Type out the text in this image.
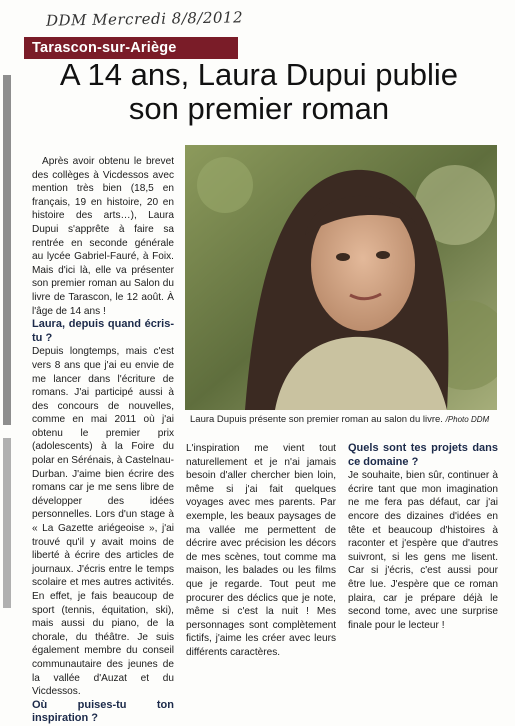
DDM Mercredi 8/8/2012
Tarascon-sur-Ariège
A 14 ans, Laura Dupui publie
son premier roman

Après avoir obtenu le brevet des collèges à Vicdessos avec mention très bien (18,5 en français, 19 en histoire, 20 en histoire des arts…), Laura Dupui s'apprête à faire sa rentrée en seconde générale au lycée Gabriel-Fauré, à Foix. Mais d'ici là, elle va présenter son premier roman au Salon du livre de Tarascon, le 12 août. À l'âge de 14 ans !

Laura, depuis quand écris-tu ?

Depuis longtemps, mais c'est vers 8 ans que j'ai eu envie de me lancer dans l'écriture de romans. J'ai participé aussi à des concours de nouvelles, comme en mai 2011 où j'ai obtenu le premier prix (adolescents) à la Foire du polar en Sérénais, à Castelnau-Durban. J'aime bien écrire des romans car je me sens libre de développer des idées personnelles. Lors d'un stage à « La Gazette ariégeoise », j'ai trouvé qu'il y avait moins de liberté à écrire des articles de journaux. J'écris entre le temps scolaire et mes autres activités. En effet, je fais beaucoup de sport (tennis, équitation, ski), mais aussi du piano, de la chorale, du théâtre. Je suis également membre du conseil communautaire des jeunes de la vallée d'Auzat et du Vicdessos.

Où puises-tu ton inspiration ?

Laura Dupuis présente son premier roman au salon du livre. /Photo DDM

L'inspiration me vient tout naturellement et je n'ai jamais besoin d'aller chercher bien loin, même si j'ai fait quelques voyages avec mes parents. Par exemple, les beaux paysages de ma vallée me permettent de décrire avec précision les décors de mes scènes, tout comme ma maison, les balades ou les films que je regarde. Tout peut me procurer des déclics que je note, même si c'est la nuit ! Mes personnages sont complètement fictifs, j'aime les créer avec leurs différents caractères.

Quels sont tes projets dans ce domaine ?

Je souhaite, bien sûr, continuer à écrire tant que mon imagination ne me fera pas défaut, car j'ai encore des dizaines d'idées en tête et beaucoup d'histoires à raconter et j'espère que d'autres suivront, si les gens me lisent. Car si j'écris, c'est aussi pour être lue. J'espère que ce roman plaira, car je prépare déjà le second tome, avec une surprise finale pour le lecteur !
